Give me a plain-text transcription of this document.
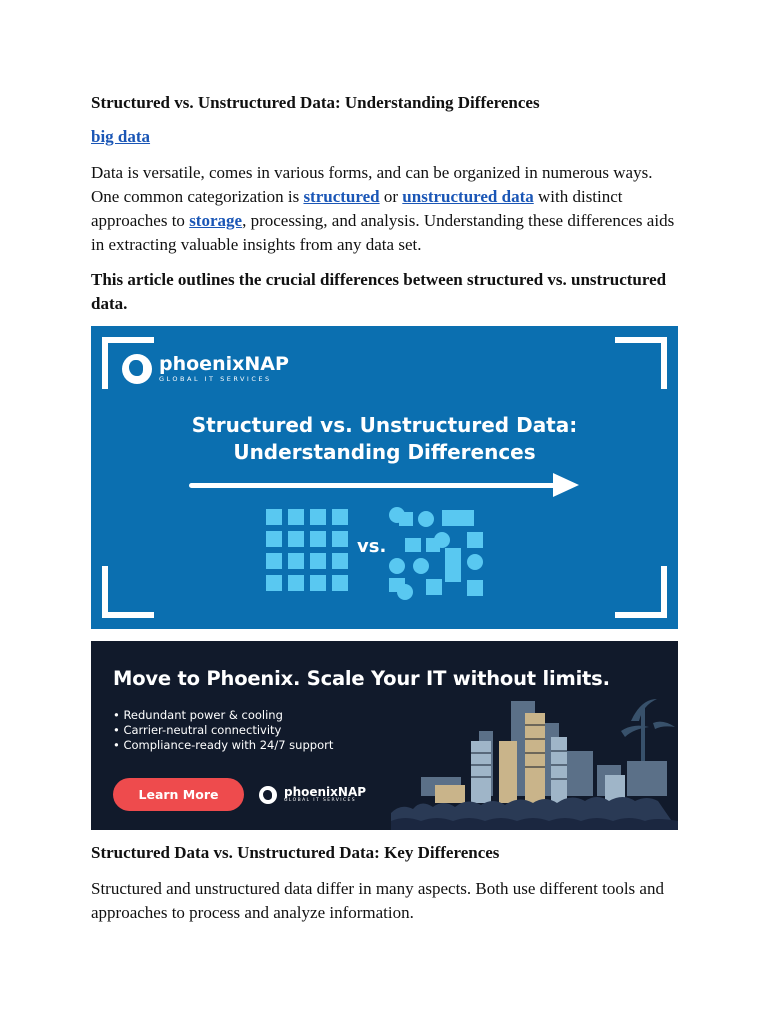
Structured vs. Unstructured Data: Understanding Differences
big data
Data is versatile, comes in various forms, and can be organized in numerous ways. One common categorization is structured or unstructured data with distinct approaches to storage, processing, and analysis. Understanding these differences aids in extracting valuable insights from any data set.
This article outlines the crucial differences between structured vs. unstructured data.
Structured Data vs. Unstructured Data: Key Differences
Structured and unstructured data differ in many aspects. Both use different tools and approaches to process and analyze information.
phoenixNAP
GLOBAL IT SERVICES
Structured vs. Unstructured Data:
Understanding Differences
vs.
Move to Phoenix. Scale Your IT without limits.
• Redundant power & cooling
• Carrier-neutral connectivity
• Compliance-ready with 24/7 support
Learn More	phoenixNAP
GLOBAL IT SERVICES
